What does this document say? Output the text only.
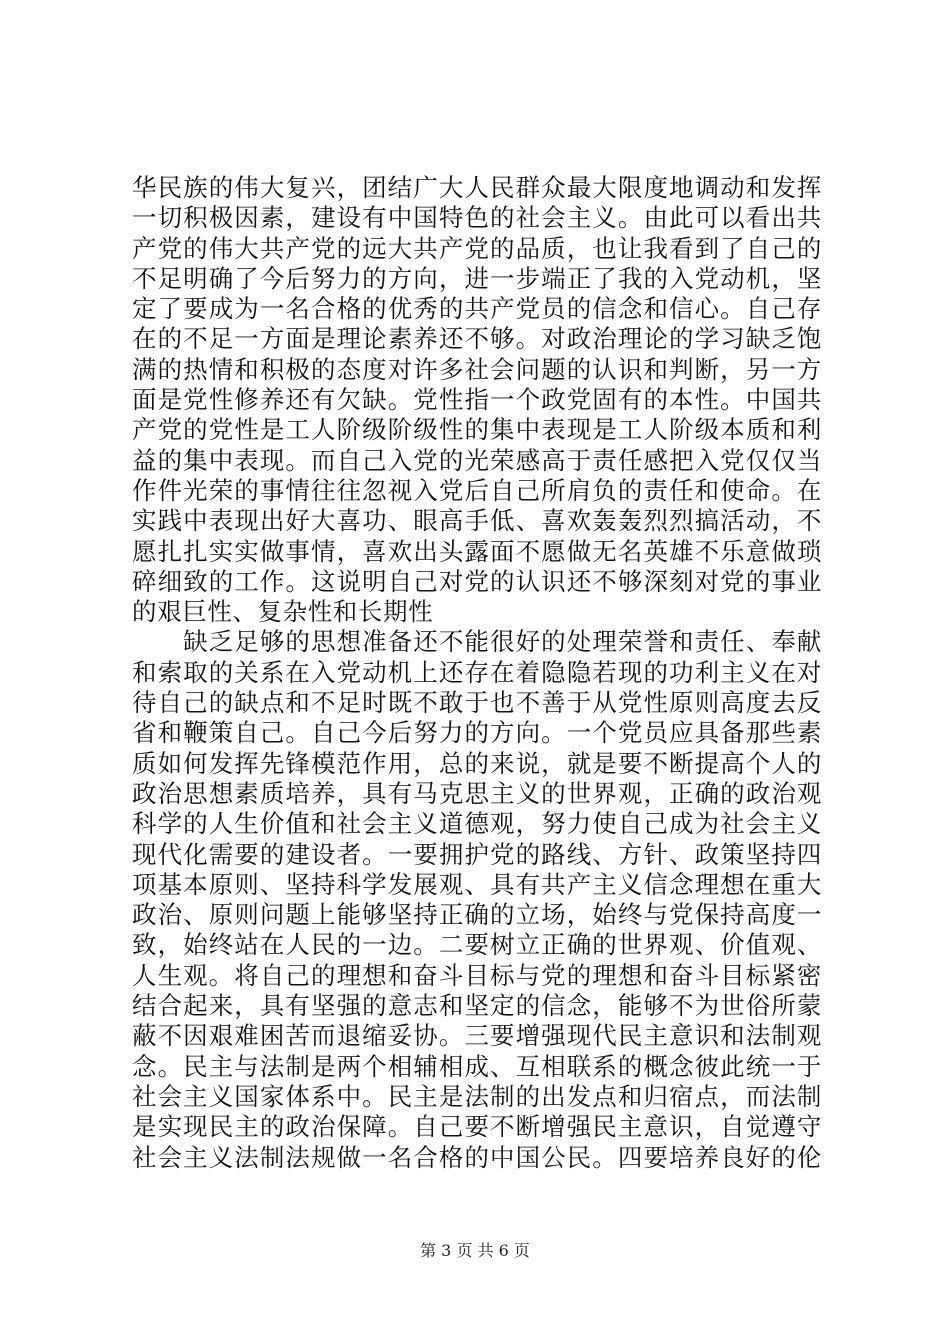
华民族的伟大复兴，团结广大人民群众最大限度地调动和发挥
一切积极因素，建设有中国特色的社会主义。由此可以看出共
产党的伟大共产党的远大共产党的品质，也让我看到了自己的
不足明确了今后努力的方向，进一步端正了我的入党动机，坚
定了要成为一名合格的优秀的共产党员的信念和信心。自己存
在的不足一方面是理论素养还不够。对政治理论的学习缺乏饱
满的热情和积极的态度对许多社会问题的认识和判断，另一方
面是党性修养还有欠缺。党性指一个政党固有的本性。中国共
产党的党性是工人阶级阶级性的集中表现是工人阶级本质和利
益的集中表现。而自己入党的光荣感高于责任感把入党仅仅当
作件光荣的事情往往忽视入党后自己所肩负的责任和使命。在
实践中表现出好大喜功、眼高手低、喜欢轰轰烈烈搞活动，不
愿扎扎实实做事情，喜欢出头露面不愿做无名英雄不乐意做琐
碎细致的工作。这说明自己对党的认识还不够深刻对党的事业
的艰巨性、复杂性和长期性
　　缺乏足够的思想准备还不能很好的处理荣誉和责任、奉献
和索取的关系在入党动机上还存在着隐隐若现的功利主义在对
待自己的缺点和不足时既不敢于也不善于从党性原则高度去反
省和鞭策自己。自己今后努力的方向。一个党员应具备那些素
质如何发挥先锋模范作用，总的来说，就是要不断提高个人的
政治思想素质培养，具有马克思主义的世界观，正确的政治观
科学的人生价值和社会主义道德观，努力使自己成为社会主义
现代化需要的建设者。一要拥护党的路线、方针、政策坚持四
项基本原则、坚持科学发展观、具有共产主义信念理想在重大
政治、原则问题上能够坚持正确的立场，始终与党保持高度一
致，始终站在人民的一边。二要树立正确的世界观、价值观、
人生观。将自己的理想和奋斗目标与党的理想和奋斗目标紧密
结合起来，具有坚强的意志和坚定的信念，能够不为世俗所蒙
蔽不因艰难困苦而退缩妥协。三要增强现代民主意识和法制观
念。民主与法制是两个相辅相成、互相联系的概念彼此统一于
社会主义国家体系中。民主是法制的出发点和归宿点，而法制
是实现民主的政治保障。自己要不断增强民主意识，自觉遵守
社会主义法制法规做一名合格的中国公民。四要培养良好的伦
第 3 页 共 6 页
